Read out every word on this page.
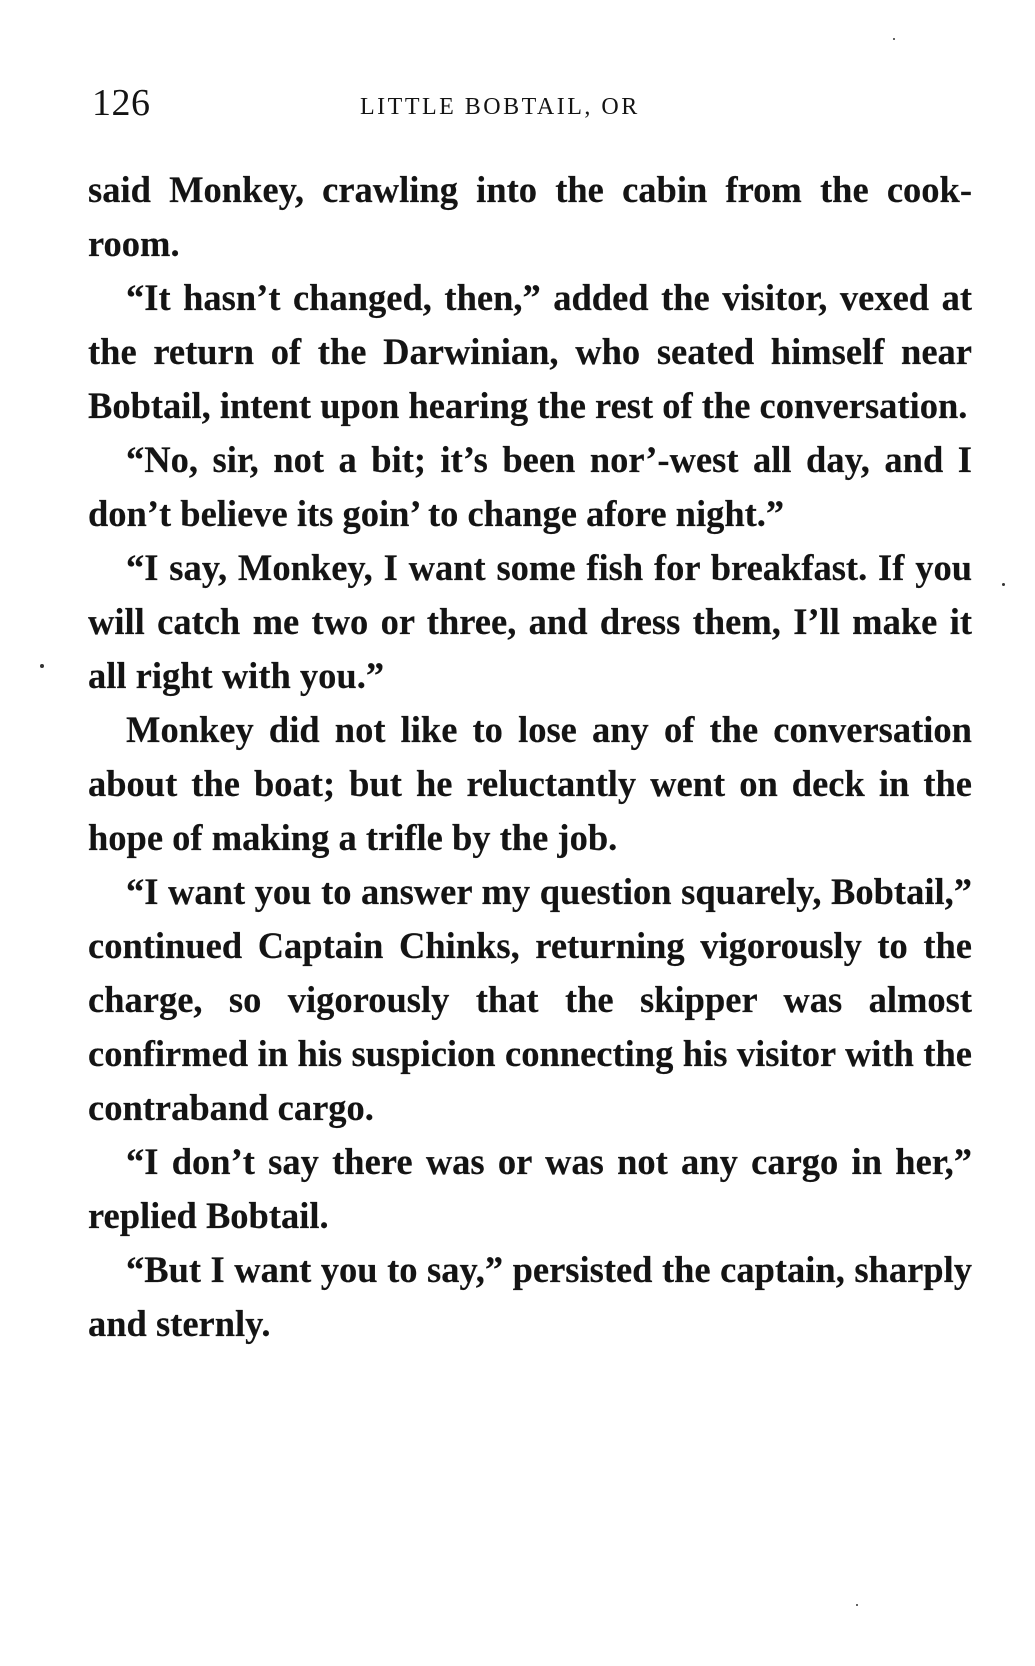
126	LITTLE BOBTAIL, OR

said Monkey, crawling into the cabin from the cook-room.

“It hasn’t changed, then,” added the visitor, vexed at the return of the Darwinian, who seated himself near Bobtail, intent upon hearing the rest of the conversation.

“No, sir, not a bit; it’s been nor’-west all day, and I don’t believe its goin’ to change afore night.”

“I say, Monkey, I want some fish for breakfast. If you will catch me two or three, and dress them, I’ll make it all right with you.”

Monkey did not like to lose any of the conversation about the boat; but he reluctantly went on deck in the hope of making a trifle by the job.

“I want you to answer my question squarely, Bobtail,” continued Captain Chinks, returning vigorously to the charge, so vigorously that the skipper was almost confirmed in his suspicion connecting his visitor with the contraband cargo.

“I don’t say there was or was not any cargo in her,” replied Bobtail.

“But I want you to say,” persisted the captain, sharply and sternly.
